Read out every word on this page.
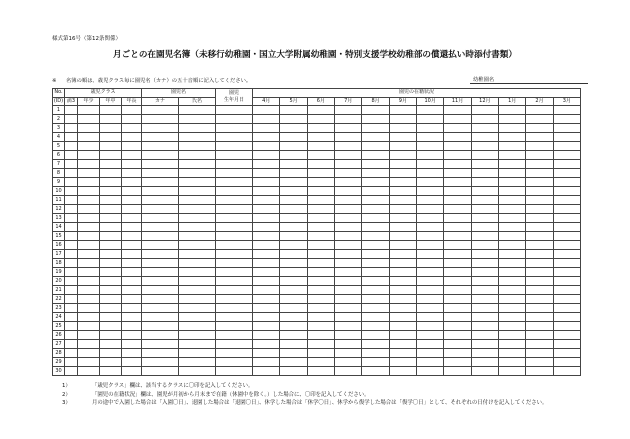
様式第16号（第12条関係）
月ごとの在園児名簿（未移行幼稚園・国立大学附属幼稚園・特別支援学校幼稚部の償還払い時添付書類）
※ 名簿の順は、歳児クラス毎に園児名（カナ）の五十音順に記入してください。	幼稚園名
No.	歳児クラス				園児名		園児
生年月日	園児の在籍状況											
(ID)	満3	年少	年中	年長	カナ	氏名		4月	5月	6月	7月	8月	9月	10月	11月	12月	1月	2月	3月
1																			
2																			
3																			
4																			
5																			
6																			
7																			
8																			
9																			
10																			
11																			
12																			
13																			
14																			
15																			
16																			
17																			
18																			
19																			
20																			
21																			
22																			
23																			
24																			
25																			
26																			
27																			
28																			
29																			
30																			
1）	「歳児クラス」欄は、該当するクラスに〇印を記入してください。
2）	「園児の在籍状況」欄は、園児が月初から月末まで在籍（休園中を除く。）した場合に、〇印を記入してください。
3）	月の途中で入園した場合は「入園〇日」、退園した場合は「退園〇日」、休学した場合は「休学〇日」、休学から復学した場合は「復学〇日」として、それぞれの日付けを記入してください。
